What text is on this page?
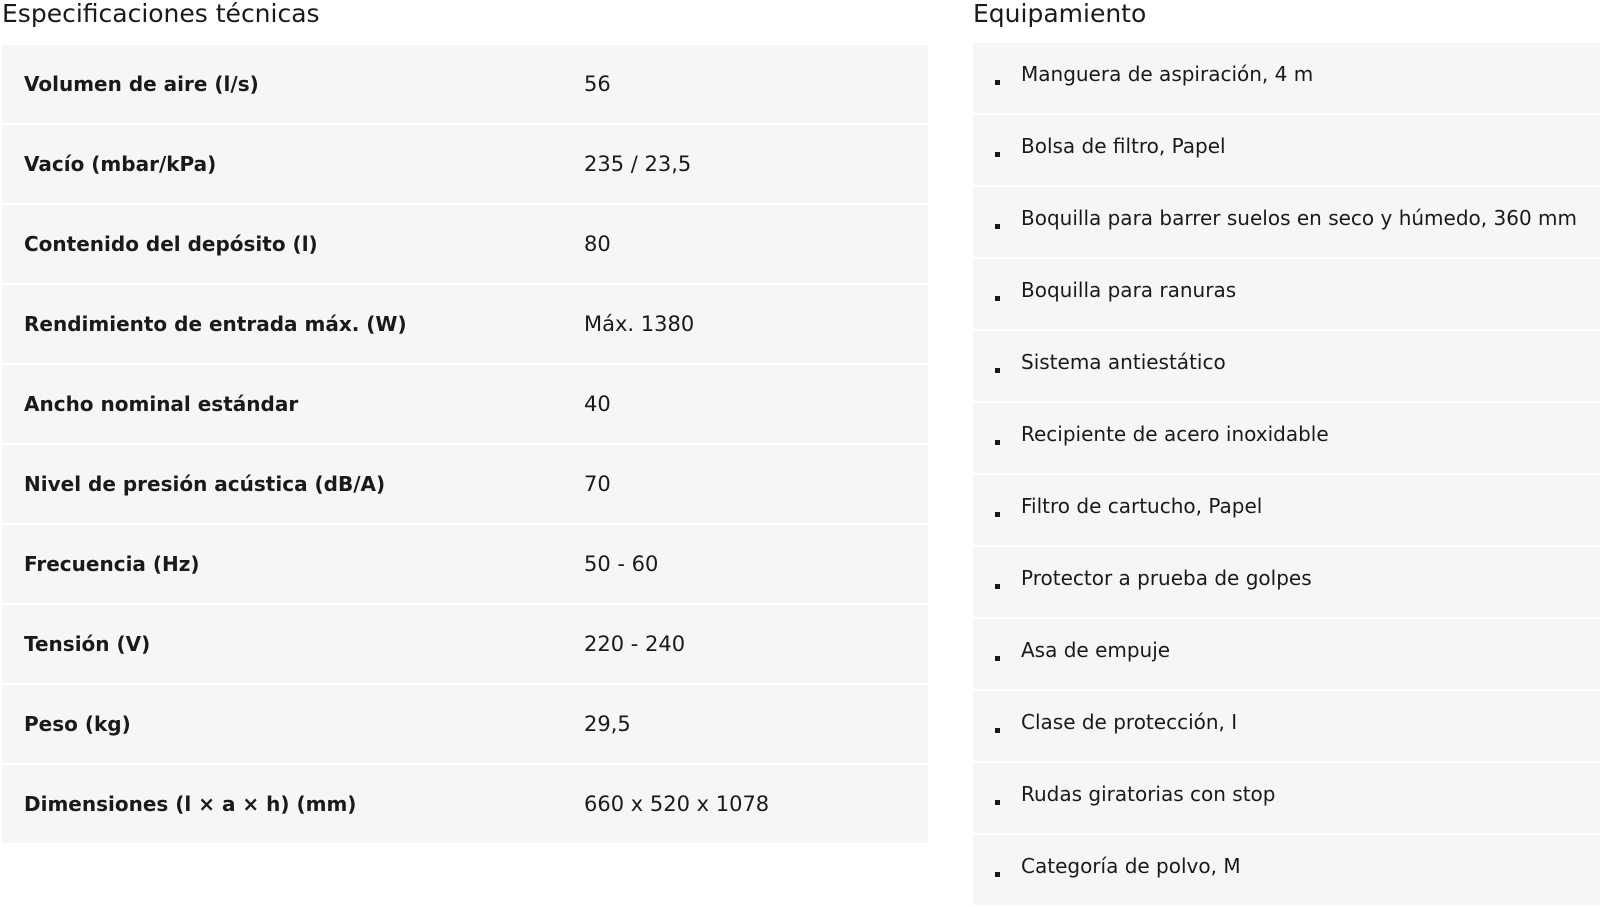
Especificaciones técnicas
Volumen de aire (l/s)	56
Vacío (mbar/kPa)	235 / 23,5
Contenido del depósito (l)	80
Rendimiento de entrada máx. (W)	Máx. 1380
Ancho nominal estándar	40
Nivel de presión acústica (dB/A)	70
Frecuencia (Hz)	50 - 60
Tensión (V)	220 - 240
Peso (kg)	29,5
Dimensiones (l × a × h) (mm)	660 x 520 x 1078
Equipamiento
Manguera de aspiración, 4 m
Bolsa de filtro, Papel
Boquilla para barrer suelos en seco y húmedo, 360 mm
Boquilla para ranuras
Sistema antiestático
Recipiente de acero inoxidable
Filtro de cartucho, Papel
Protector a prueba de golpes
Asa de empuje
Clase de protección, I
Rudas giratorias con stop
Categoría de polvo, M
